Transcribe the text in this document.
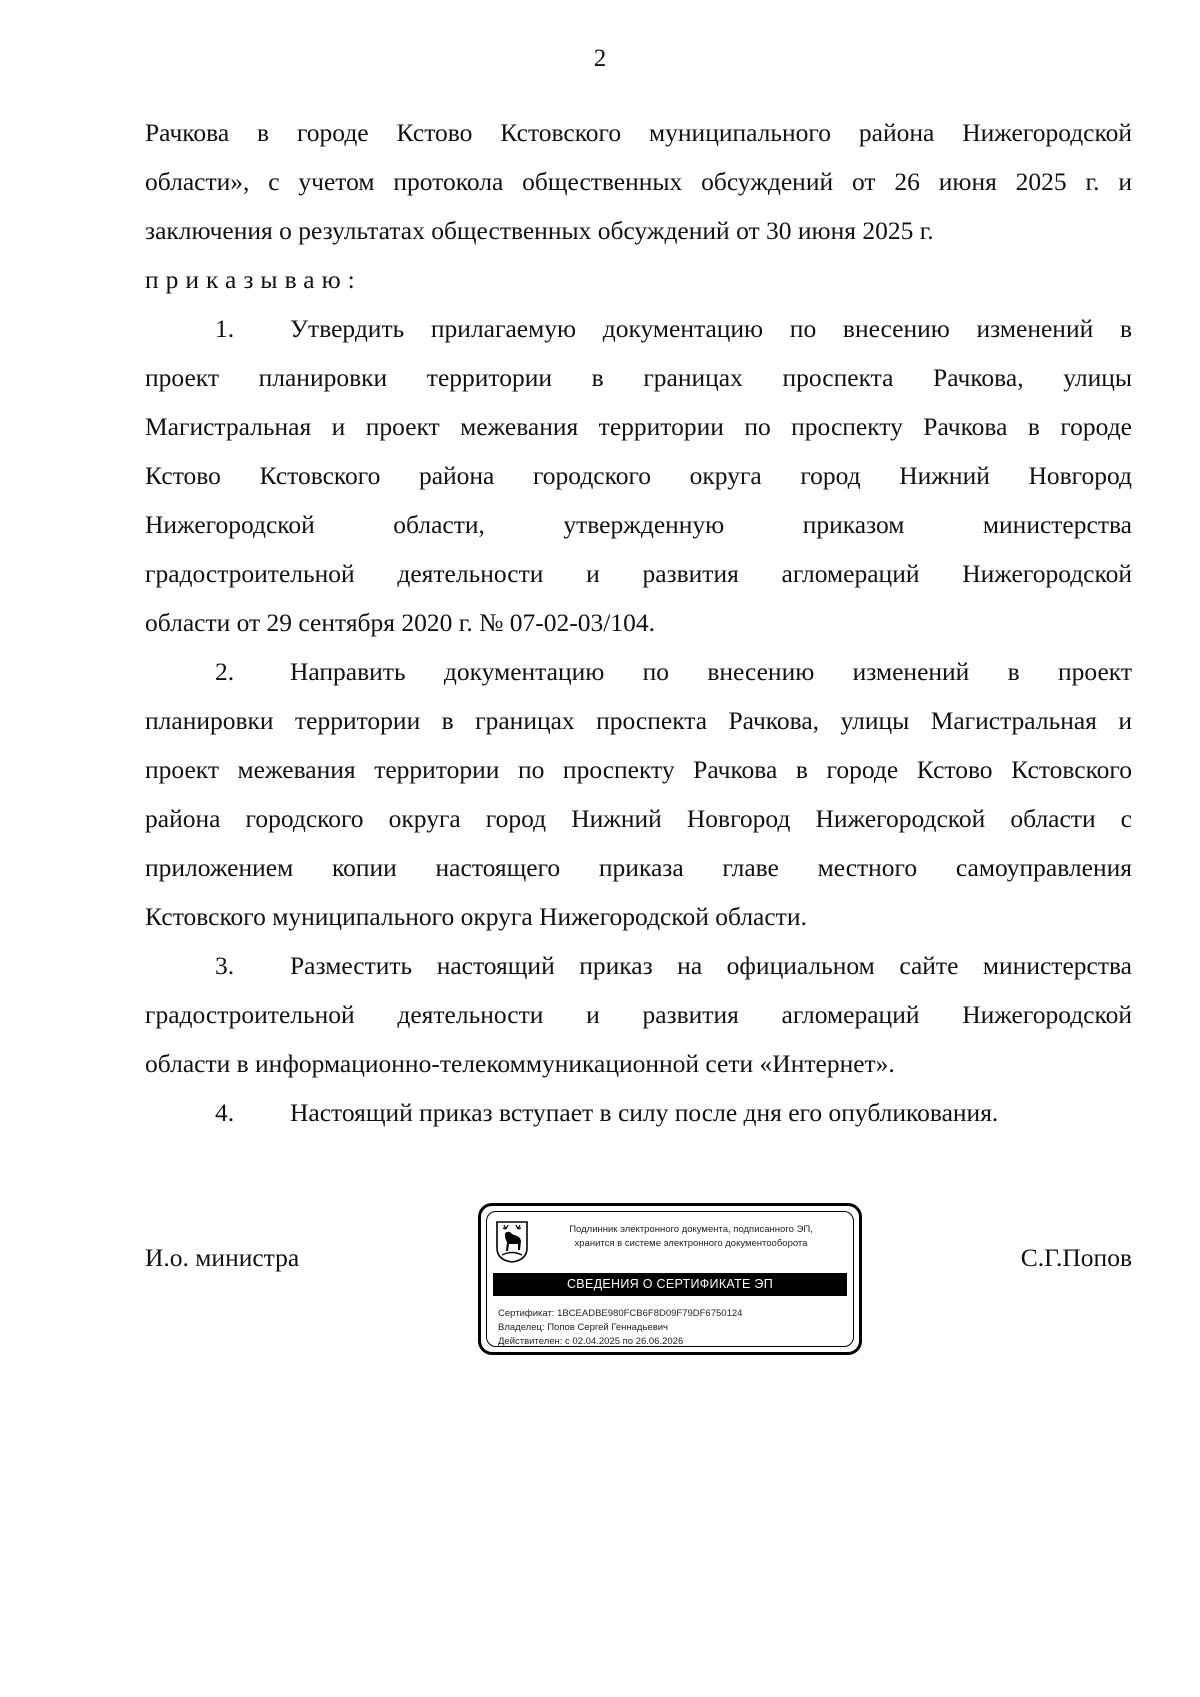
2
Рачкова в городе Кстово Кстовского муниципального района Нижегородской
области», с учетом протокола общественных обсуждений от 26 июня 2025 г. и
заключения о результатах общественных обсуждений от 30 июня 2025 г.
приказываю:
1.	Утвердить прилагаемую документацию по внесению изменений в
проект планировки территории в границах проспекта Рачкова, улицы
Магистральная и проект межевания территории по проспекту Рачкова в городе
Кстово Кстовского района городского округа город Нижний Новгород
Нижегородской области, утвержденную приказом министерства
градостроительной деятельности и развития агломераций Нижегородской
области от 29 сентября 2020 г. № 07-02-03/104.
2.	Направить документацию по внесению изменений в проект
планировки территории в границах проспекта Рачкова, улицы Магистральная и
проект межевания территории по проспекту Рачкова в городе Кстово Кстовского
района городского округа город Нижний Новгород Нижегородской области с
приложением копии настоящего приказа главе местного самоуправления
Кстовского муниципального округа Нижегородской области.
3.	Разместить настоящий приказ на официальном сайте министерства
градостроительной деятельности и развития агломераций Нижегородской
области в информационно-телекоммуникационной сети «Интернет».
4.	Настоящий приказ вступает в силу после дня его опубликования.
И.о. министра	С.Г.Попов
Подлинник электронного документа, подписанного ЭП,
хранится в системе электронного документооборота
СВЕДЕНИЯ О СЕРТИФИКАТЕ ЭП
Сертификат: 1BCEADBE980FCB6F8D09F79DF6750124
Владелец: Попов Сергей Геннадьевич
Действителен: с 02.04.2025 по 26.06.2026
